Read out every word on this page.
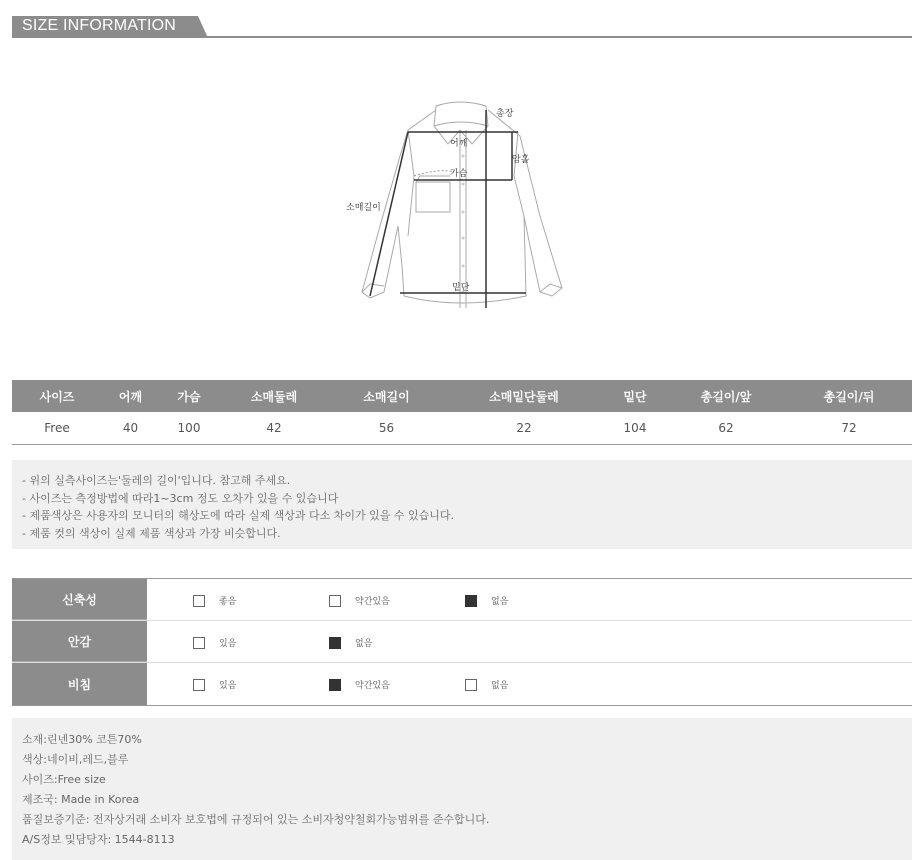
SIZE INFORMATION
총장
어깨
암홀
가슴
소매길이
밑단
사이즈	어깨	가슴	소매둘레	소매길이	소매밑단둘레	밑단	총길이/앞	총길이/뒤
Free	40	100	42	56	22	104	62	72
- 위의 실측사이즈는'둘레의 길이'입니다. 참고해 주세요.
- 사이즈는 측정방법에 따라1~3cm 정도 오차가 있을 수 있습니다
- 제품색상은 사용자의 모니터의 해상도에 따라 실제 색상과 다소 차이가 있을 수 있습니다.
- 제품 컷의 색상이 실제 제품 색상과 가장 비슷합니다.
신축성	좋음	약간있음	없음
안감	있음	없음
비침	있음	약간있음	없음
소재:린넨30% 코튼70%
색상:네이비,레드,블루
사이즈:Free size
제조국: Made in Korea
품질보증기준: 전자상거래 소비자 보호법에 규정되어 있는 소비자청약철회가능범위를 준수합니다.
A/S정보 및담당자: 1544-8113
